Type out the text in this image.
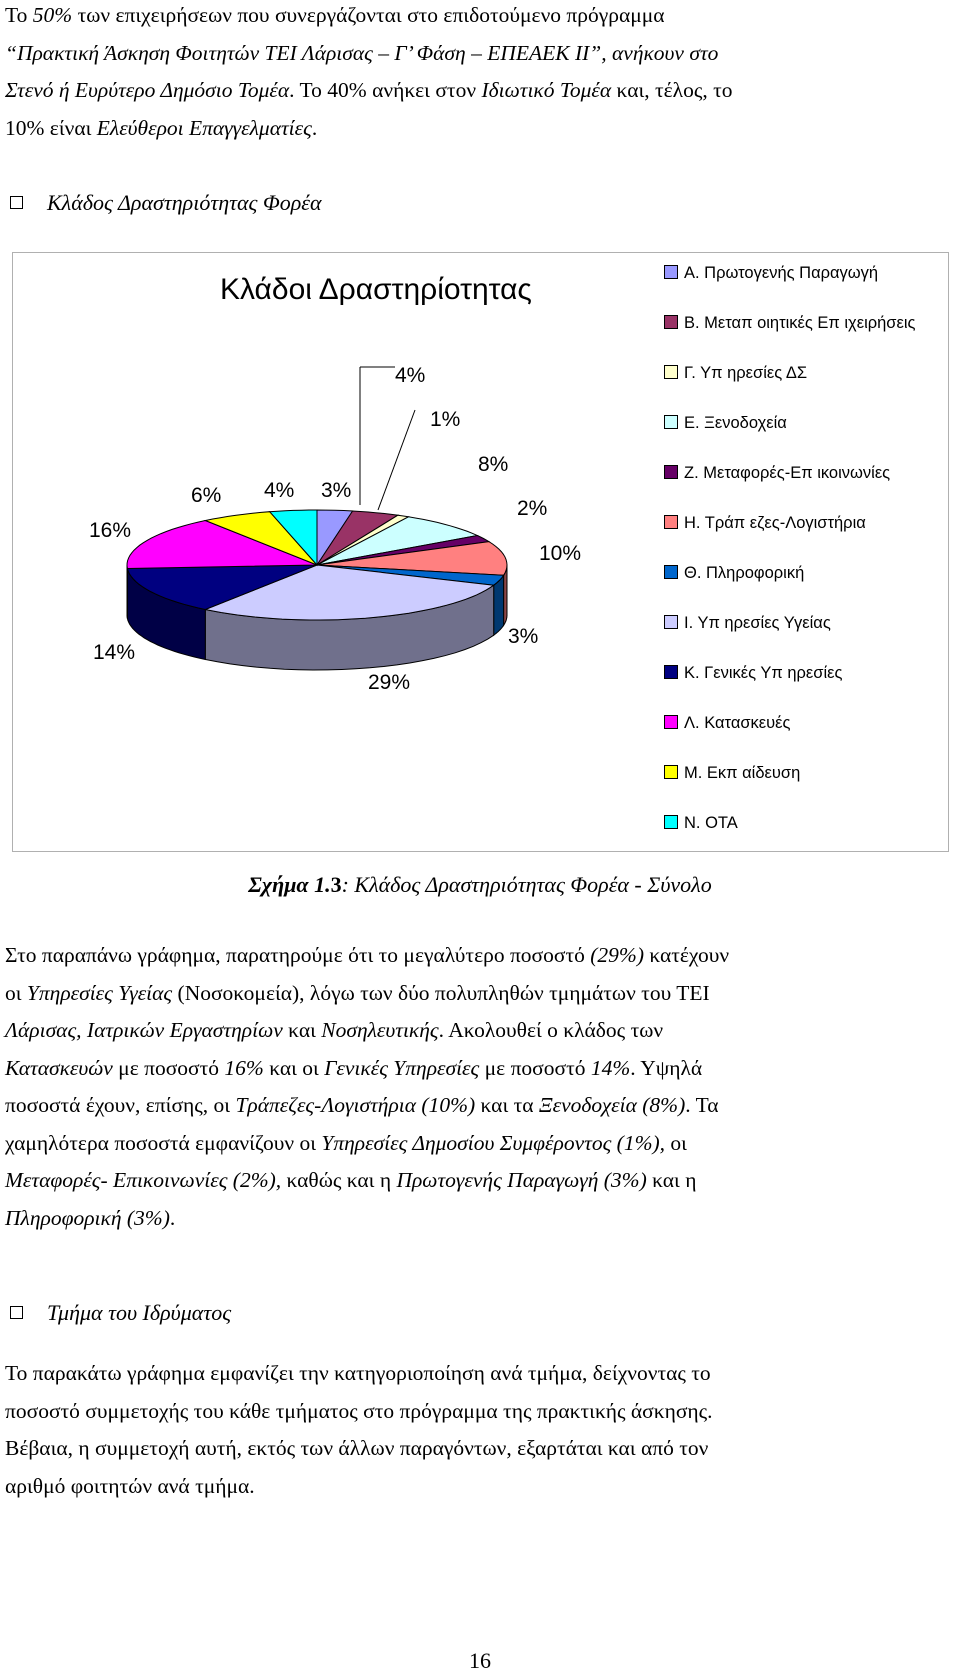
Το 50% των επιχειρήσεων που συνεργάζονται στο επιδοτούμενο πρόγραμμα
“Πρακτική Άσκηση Φοιτητών ΤΕΙ Λάρισας – Γ’ Φάση – ΕΠΕΑΕΚ ΙΙ”, ανήκουν στο
Στενό ή Ευρύτερο Δημόσιο Τομέα. Το 40% ανήκει στον Ιδιωτικό Τομέα και, τέλος, το
10% είναι Ελεύθεροι Επαγγελματίες.
Κλάδος Δραστηριότητας Φορέα
Κλάδοι Δραστηρίοτητας
4%
1%
8%
2%
10%
3%
29%
14%
16%
6% 4% 3%
Α. Πρωτογενής Παραγωγή
Β. Μεταπ οιητικές Επ ιχειρήσεις
Γ. Υπ ηρεσίες ΔΣ
Ε. Ξενοδοχεία
Ζ. Μεταφορές-Επ ικοινωνίες
Η. Τράπ εζες-Λογιστήρια
Θ. Πληροφορική
Ι. Υπ ηρεσίες Υγείας
Κ. Γενικές Υπ ηρεσίες
Λ. Κατασκευές
Μ. Εκπ αίδευση
Ν. ΟΤΑ
Σχήμα 1.3: Κλάδος Δραστηριότητας Φορέα - Σύνολο
Στο παραπάνω γράφημα, παρατηρούμε ότι το μεγαλύτερο ποσοστό (29%) κατέχουν
οι Υπηρεσίες Υγείας (Νοσοκομεία), λόγω των δύο πολυπληθών τμημάτων του ΤΕΙ
Λάρισας, Ιατρικών Εργαστηρίων και Νοσηλευτικής. Ακολουθεί ο κλάδος των
Κατασκευών με ποσοστό 16% και οι Γενικές Υπηρεσίες με ποσοστό 14%. Υψηλά
ποσοστά έχουν, επίσης, οι Τράπεζες-Λογιστήρια (10%) και τα Ξενοδοχεία (8%). Τα
χαμηλότερα ποσοστά εμφανίζουν οι Υπηρεσίες Δημοσίου Συμφέροντος (1%), οι
Μεταφορές- Επικοινωνίες (2%), καθώς και η Πρωτογενής Παραγωγή (3%) και η
Πληροφορική (3%).
Τμήμα του Ιδρύματος
Το παρακάτω γράφημα εμφανίζει την κατηγοριοποίηση ανά τμήμα, δείχνοντας το
ποσοστό συμμετοχής του κάθε τμήματος στο πρόγραμμα της πρακτικής άσκησης.
Βέβαια, η συμμετοχή αυτή, εκτός των άλλων παραγόντων, εξαρτάται και από τον
αριθμό φοιτητών ανά τμήμα.
16
